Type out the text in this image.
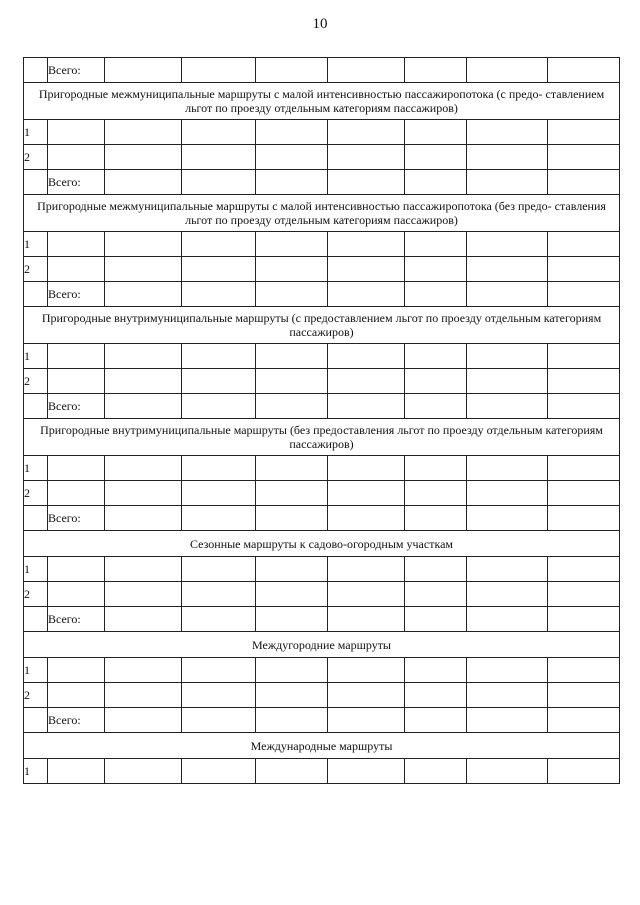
10
	Всего:							
Пригородные межмуниципальные маршруты с малой интенсивностью пассажиропотока (с предо- ставлением льгот по проезду отдельным категориям пассажиров)								
1								
2								
	Всего:							
Пригородные межмуниципальные маршруты с малой интенсивностью пассажиропотока (без предо- ставления льгот по проезду отдельным категориям пассажиров)								
1								
2								
	Всего:							
Пригородные внутримуниципальные маршруты (с предоставлением льгот по проезду отдельным категориям пассажиров)								
1								
2								
	Всего:							
Пригородные внутримуниципальные маршруты (без предоставления льгот по проезду отдельным категориям пассажиров)								
1								
2								
	Всего:							
Сезонные маршруты к садово-огородным участкам								
1								
2								
	Всего:							
Междугородние маршруты								
1								
2								
	Всего:							
Международные маршруты								
1								
